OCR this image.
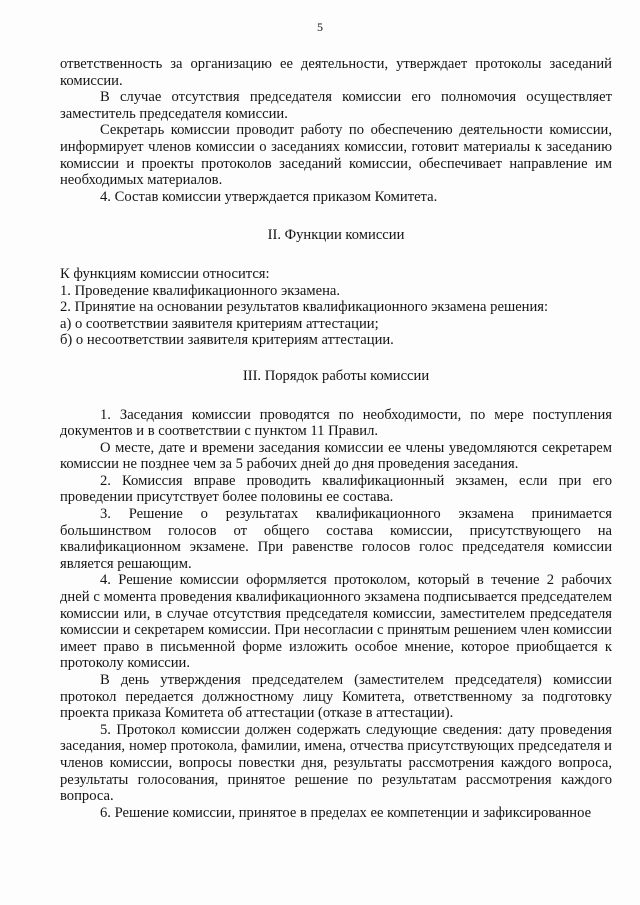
5

ответственность за организацию ее деятельности, утверждает протоколы заседаний комиссии.

В случае отсутствия председателя комиссии его полномочия осуществляет заместитель председателя комиссии.

Секретарь комиссии проводит работу по обеспечению деятельности комиссии, информирует членов комиссии о заседаниях комиссии, готовит материалы к заседанию комиссии и проекты протоколов заседаний комиссии, обеспечивает направление им необходимых материалов.

4. Состав комиссии утверждается приказом Комитета.

II. Функции комиссии

К функциям комиссии относится:

1. Проведение квалификационного экзамена.

2. Принятие на основании результатов квалификационного экзамена решения:

а) о соответствии заявителя критериям аттестации;

б) о несоответствии заявителя критериям аттестации.

III. Порядок работы комиссии

1. Заседания комиссии проводятся по необходимости, по мере поступления документов и в соответствии с пунктом 11 Правил.

О месте, дате и времени заседания комиссии ее члены уведомляются секретарем комиссии не позднее чем за 5 рабочих дней до дня проведения заседания.

2. Комиссия вправе проводить квалификационный экзамен, если при его проведении присутствует более половины ее состава.

3. Решение о результатах квалификационного экзамена принимается большинством голосов от общего состава комиссии, присутствующего на квалификационном экзамене. При равенстве голосов голос председателя комиссии является решающим.

4. Решение комиссии оформляется протоколом, который в течение 2 рабочих дней с момента проведения квалификационного экзамена подписывается председателем комиссии или, в случае отсутствия председателя комиссии, заместителем председателя комиссии и секретарем комиссии. При несогласии с принятым решением член комиссии имеет право в письменной форме изложить особое мнение, которое приобщается к протоколу комиссии.

В день утверждения председателем (заместителем председателя) комиссии протокол передается должностному лицу Комитета, ответственному за подготовку проекта приказа Комитета об аттестации (отказе в аттестации).

5. Протокол комиссии должен содержать следующие сведения: дату проведения заседания, номер протокола, фамилии, имена, отчества присутствующих председателя и членов комиссии, вопросы повестки дня, результаты рассмотрения каждого вопроса, результаты голосования, принятое решение по результатам рассмотрения каждого вопроса.

6. Решение комиссии, принятое в пределах ее компетенции и зафиксированное
